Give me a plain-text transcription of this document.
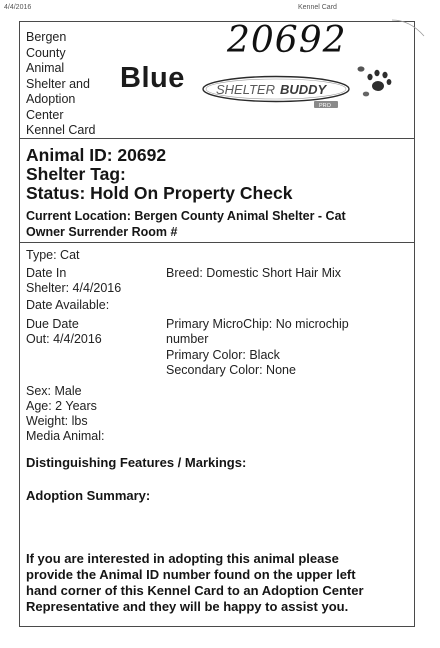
4/4/2016	Kennel Card
Bergen
County
Animal
Shelter and
Adoption
Center
Kennel Card
Blue
20692
SHELTER BUDDY
PRO
Animal ID: 20692
Shelter Tag:
Status: Hold On Property Check
Current Location: Bergen County Animal Shelter - Cat
Owner Surrender Room #
Type: Cat
Date In
Shelter: 4/4/2016
Breed: Domestic Short Hair Mix
Date Available:
Due Date
Out: 4/4/2016
Primary MicroChip: No microchip
number
Primary Color: Black
Secondary Color: None
Sex: Male
Age: 2 Years
Weight: lbs
Media Animal:
Distinguishing Features / Markings:
Adoption Summary:
If you are interested in adopting this animal please
provide the Animal ID number found on the upper left
hand corner of this Kennel Card to an Adoption Center
Representative and they will be happy to assist you.
